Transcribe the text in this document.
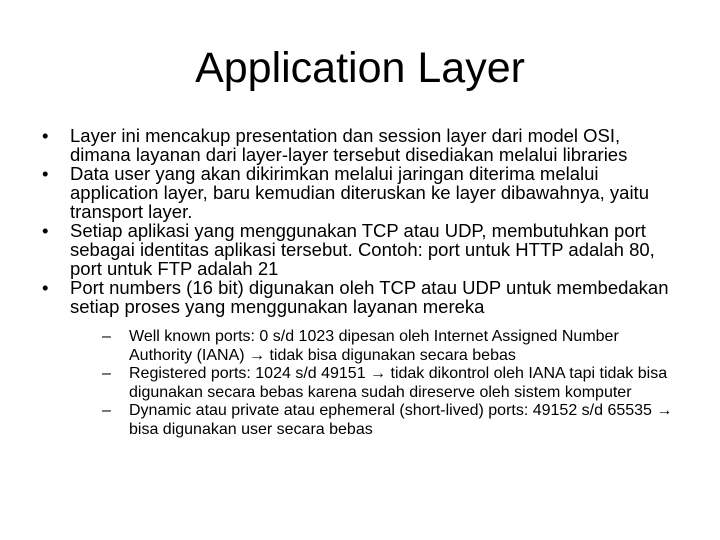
Application Layer
• Layer ini mencakup presentation dan session layer dari model OSI, dimana layanan dari layer-layer tersebut disediakan melalui libraries
• Data user yang akan dikirimkan melalui jaringan diterima melalui application layer, baru kemudian diteruskan ke layer dibawahnya, yaitu transport layer.
• Setiap aplikasi yang menggunakan TCP atau UDP, membutuhkan port sebagai identitas aplikasi tersebut. Contoh: port untuk HTTP adalah 80, port untuk FTP adalah 21
• Port numbers (16 bit) digunakan oleh TCP atau UDP untuk membedakan setiap proses yang menggunakan layanan mereka
– Well known ports: 0 s/d 1023 dipesan oleh Internet Assigned Number Authority (IANA) → tidak bisa digunakan secara bebas
– Registered ports: 1024 s/d 49151 → tidak dikontrol oleh IANA tapi tidak bisa digunakan secara bebas karena sudah direserve oleh sistem komputer
– Dynamic atau private atau ephemeral (short-lived) ports: 49152 s/d 65535 → bisa digunakan user secara bebas
